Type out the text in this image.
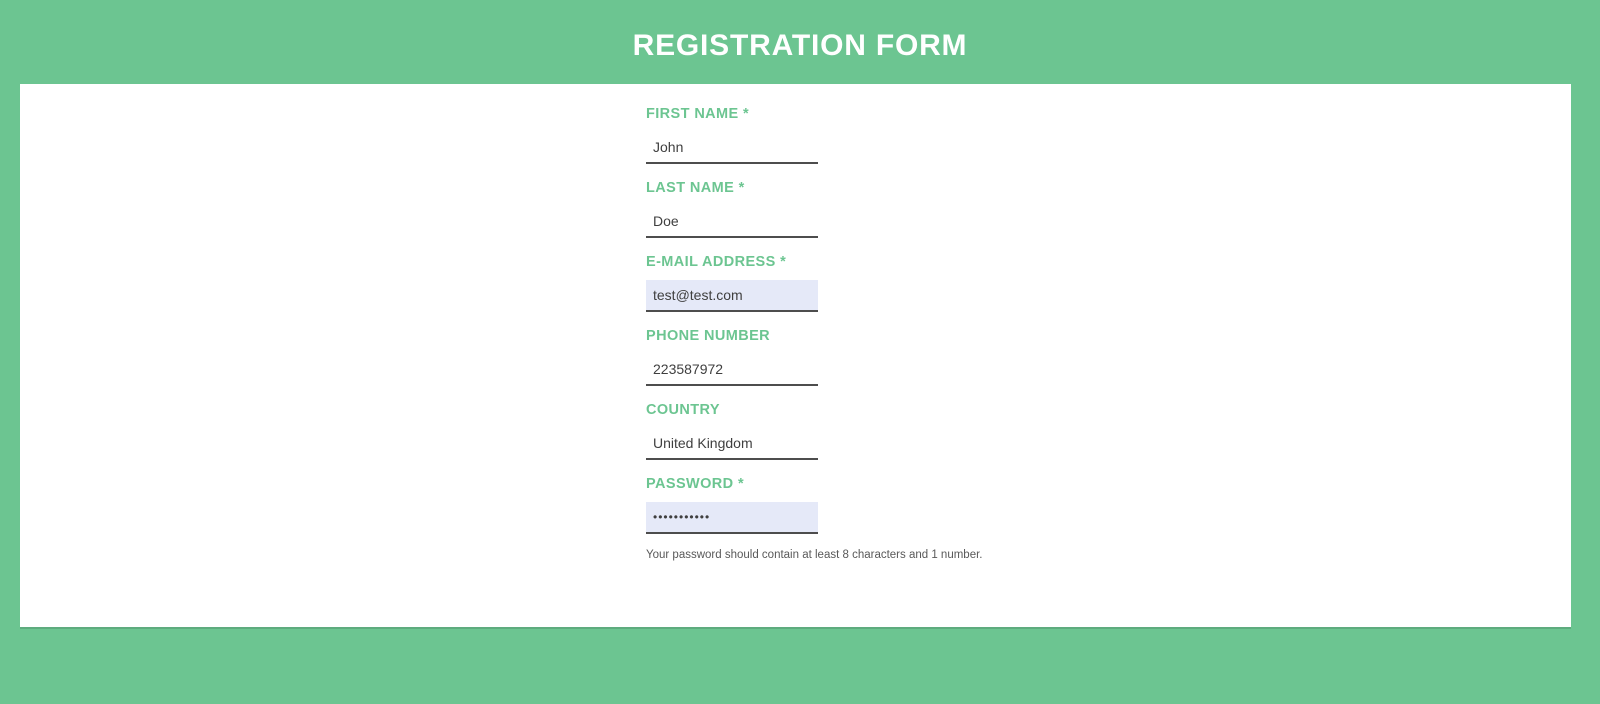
REGISTRATION FORM
FIRST NAME *
John
LAST NAME *
Doe
E-MAIL ADDRESS *
test@test.com
PHONE NUMBER
223587972
COUNTRY
United Kingdom
PASSWORD *
•••••••••••
Your password should contain at least 8 characters and 1 number.
